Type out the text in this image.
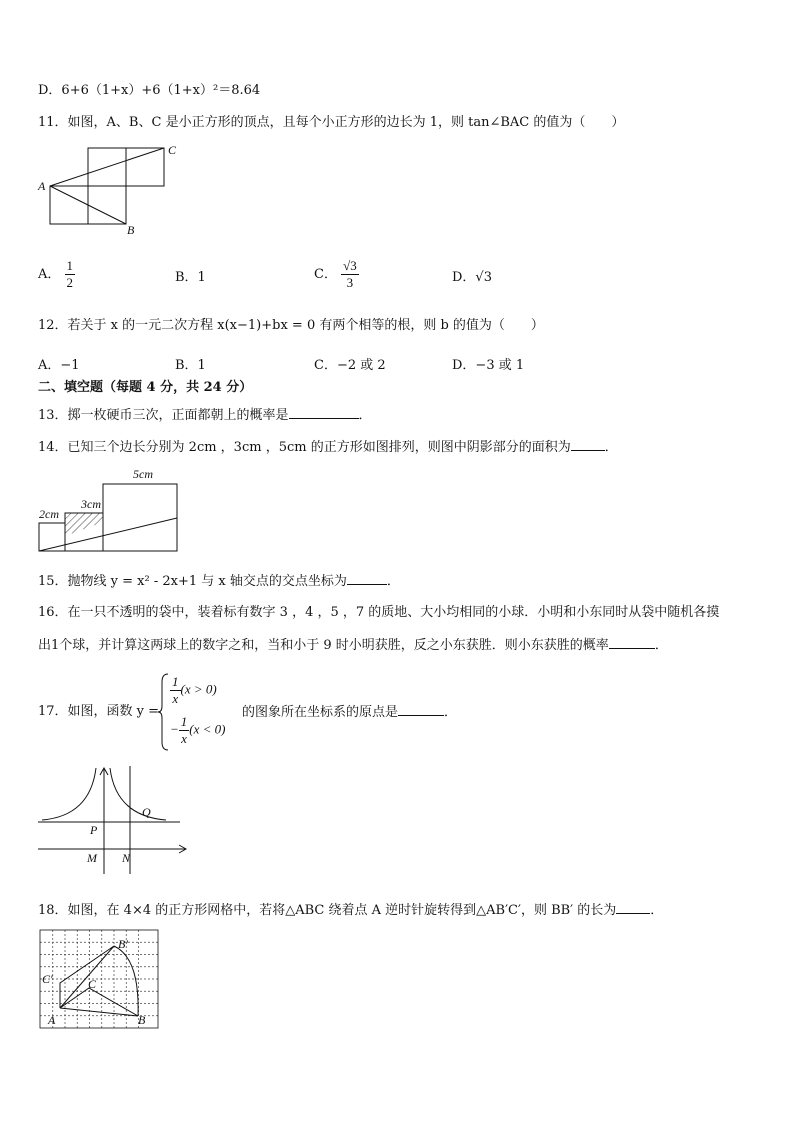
D．6+6（1+x）+6（1+x）²＝8.64
11．如图，A、B、C 是小正方形的顶点，且每个小正方形的边长为 1，则 tan∠BAC 的值为（　　）
A
B
C
A． $\frac{1}{2}$	B．1	C． $\frac{√3}{3}$	D．√3
12．若关于 x 的一元二次方程 x(x−1)+bx = 0 有两个相等的根，则 b 的值为（　　）
A．−1	B．1	C．−2 或 2	D．−3 或 1
二、填空题（每题 4 分，共 24 分）
13．掷一枚硬币三次，正面都朝上的概率是	．
14．已知三个边长分别为 2cm ，3cm ，5cm 的正方形如图排列，则图中阴影部分的面积为	．
2cm
3cm
5cm
15．抛物线 y = x² - 2x+1 与 x 轴交点的交点坐标为	．
16．在一只不透明的袋中，装着标有数字 3 ，4 ，5 ，7 的质地、大小均相同的小球．小明和小东同时从袋中随机各摸
出1个球，并计算这两球上的数字之和，当和小于 9 时小明获胜，反之小东获胜．则小东获胜的概率	．
17．如图，函数 y =
$\frac{1}{x} (x > 0)$
− $\frac{1}{x} (x < 0)$
的图象所在坐标系的原点是	．
P
Q
M N
18．如图，在 4×4 的正方形网格中，若将△ABC 绕着点 A 逆时针旋转得到△AB′C′，则 BB′ 的长为	．
A	B
C
B′
C′
